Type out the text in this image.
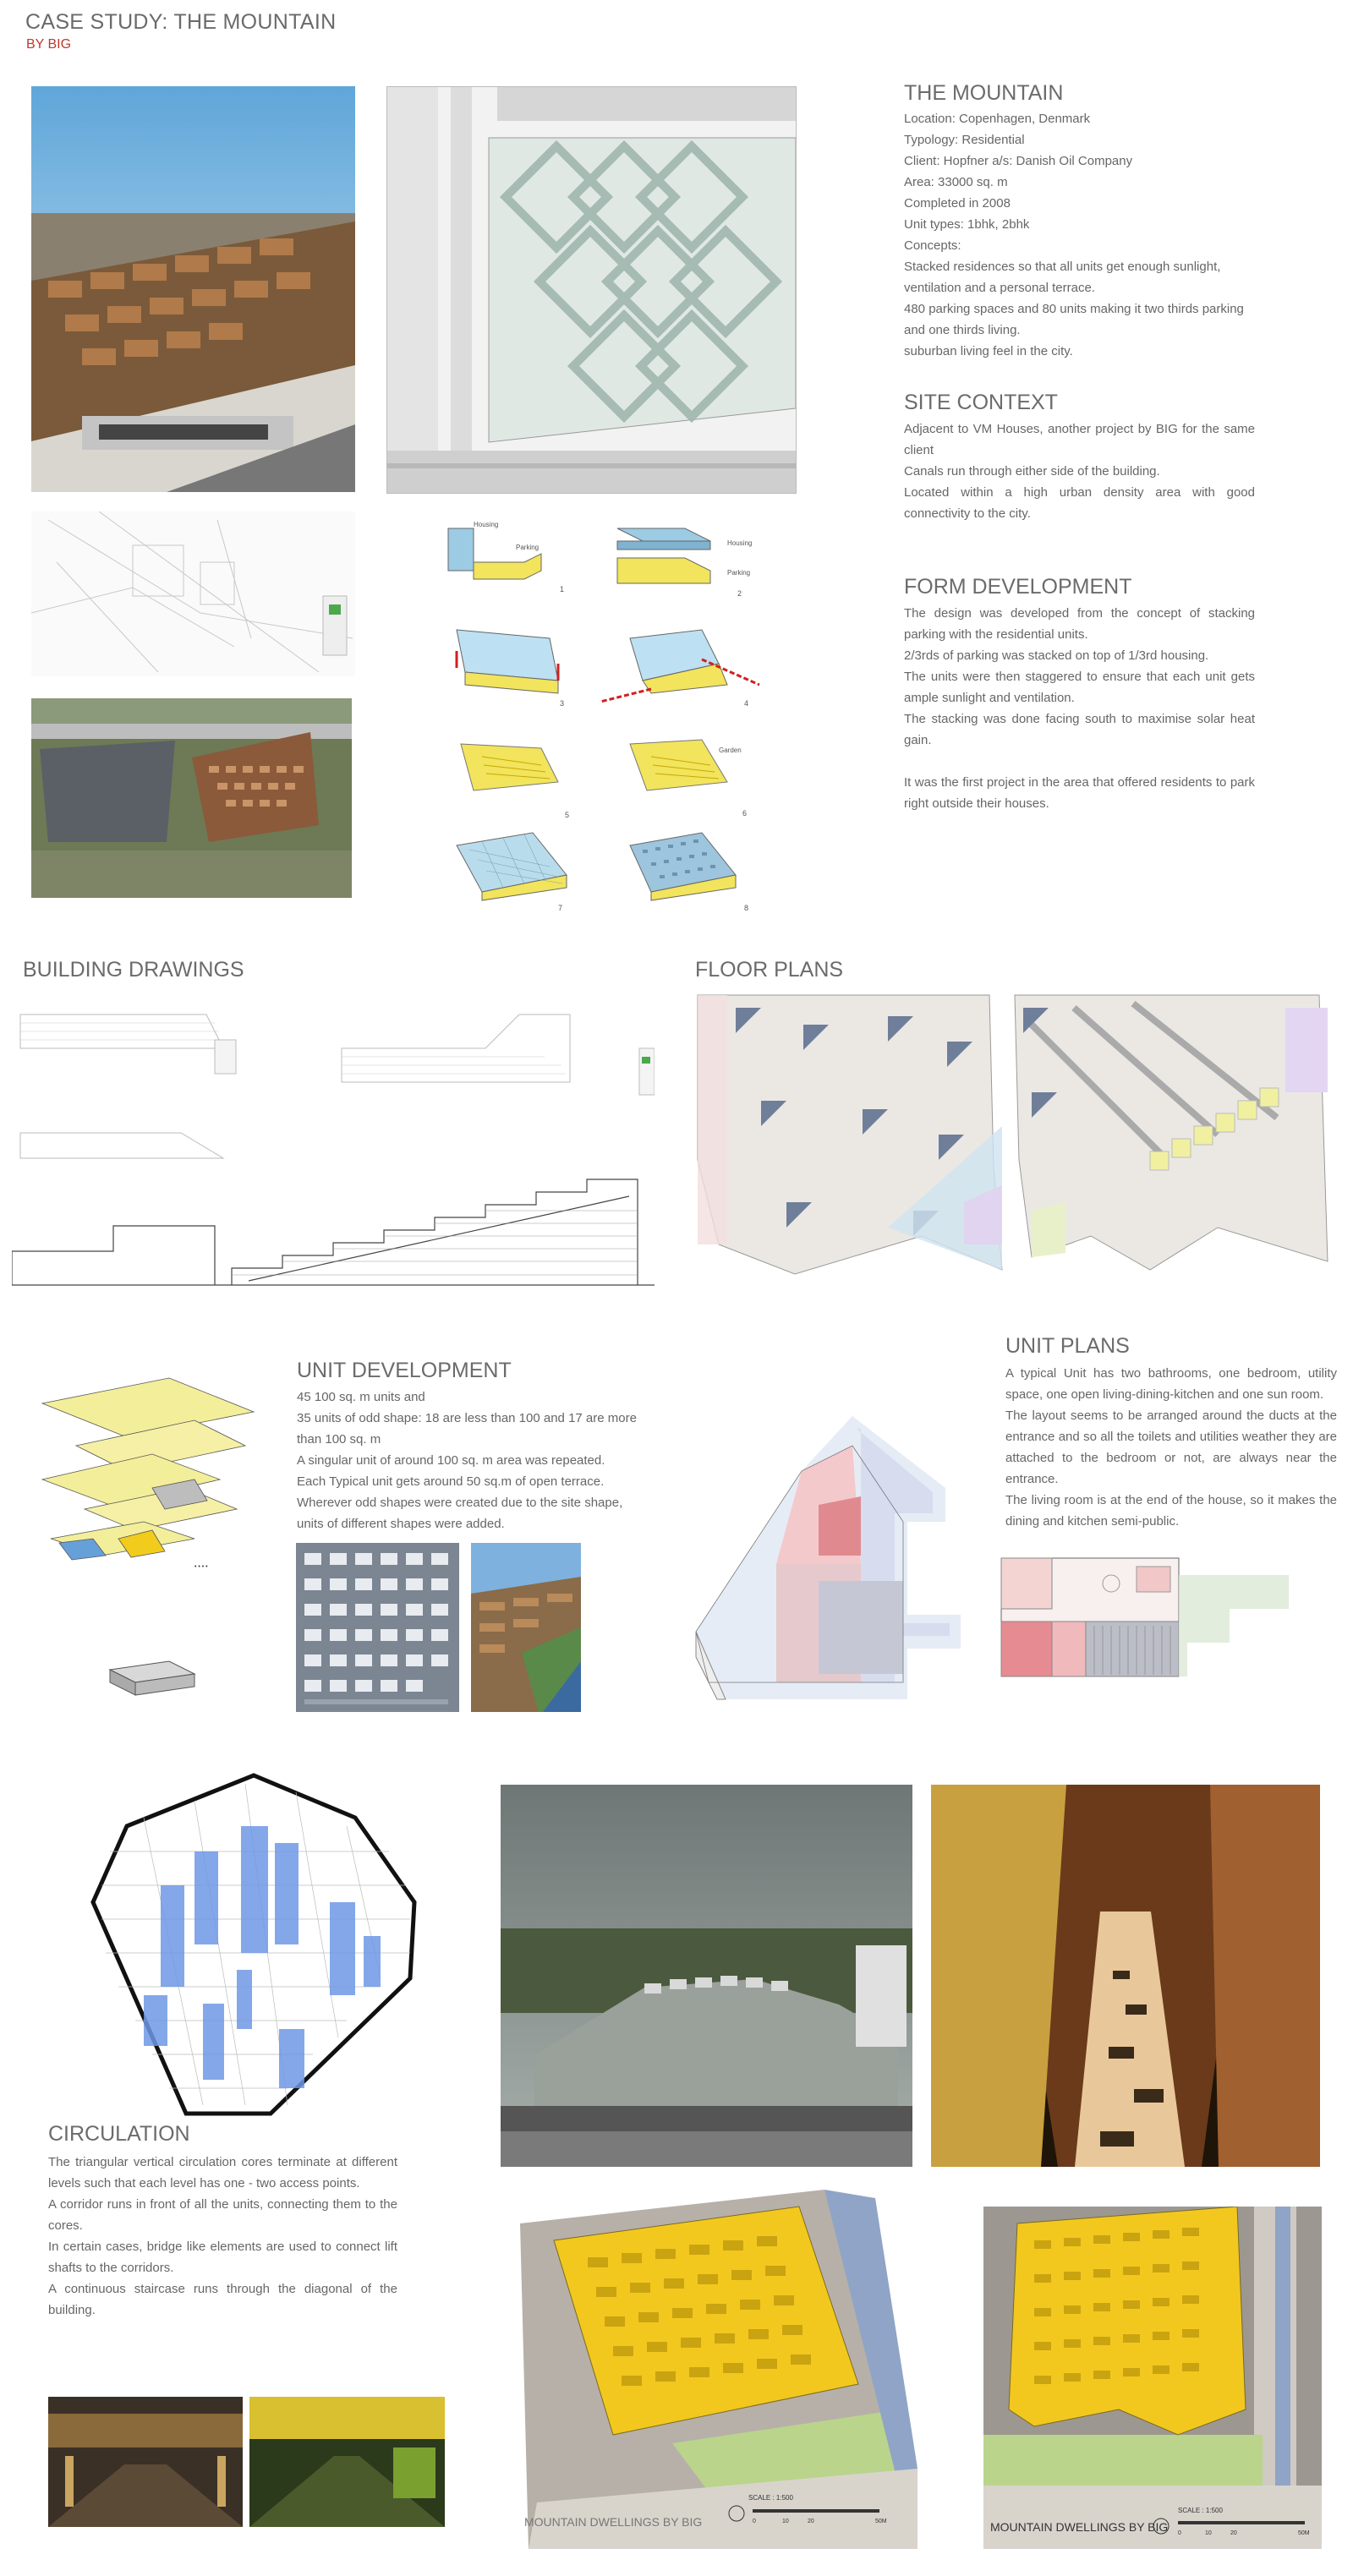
CASE STUDY: THE MOUNTAIN
BY BIG
THE MOUNTAIN

Location: Copenhagen, Denmark

Typology: Residential

Client: Hopfner a/s: Danish Oil Company

Area: 33000 sq. m

Completed in 2008

Unit types: 1bhk, 2bhk

Concepts:

Stacked residences so that all units get enough sunlight, ventilation and a personal terrace.

480 parking spaces and 80 units making it two thirds parking and one thirds living.

suburban living feel in the city.

SITE CONTEXT

Adjacent to VM Houses, another project by BIG for the same client

Canals run through either side of the building.

Located within a high urban density area with good connectivity to the city.

FORM DEVELOPMENT

The design was developed from the concept of stacking parking with the residential units.

2/3rds of parking was stacked on top of 1/3rd housing.

The units were then staggered to ensure that each unit gets ample sunlight and ventilation.

The stacking was done facing south to maximise solar heat gain.

It was the first project in the area that offered residents to park right outside their houses.

Housing
Parking
1
Housing
Parking
2
3	4
5
Garden
6
7	8
BUILDING DRAWINGS	FLOOR PLANS
• • • •
UNIT DEVELOPMENT

45 100 sq. m units and

35 units of odd shape: 18 are less than 100 and 17 are more than 100 sq. m

A singular unit of around 100 sq. m area was repeated.

Each Typical unit gets around 50 sq.m of open terrace.

Wherever odd shapes were created due to the site shape, units of different shapes were added.

UNIT PLANS

A typical Unit has two bathrooms, one bedroom, utility space, one open living-dining-kitchen and one sun room.

The layout seems to be arranged around the ducts at the entrance and so all the toilets and utilities weather they are attached to the bedroom or not, are always near the entrance.

The living room is at the end of the house, so it makes the dining and kitchen semi-public.

CIRCULATION

The triangular vertical circulation cores terminate at different levels such that each level has one - two access points.

A corridor runs in front of all the units, connecting them to the cores.

In certain cases, bridge like elements are used to connect lift shafts to the corridors.

A continuous staircase runs through the diagonal of the building.

MOUNTAIN DWELLINGS BY BIG
SCALE : 1:500
0	10	20	50M	MOUNTAIN DWELLINGS BY BIG
SCALE : 1:500
0	10	20	50M
